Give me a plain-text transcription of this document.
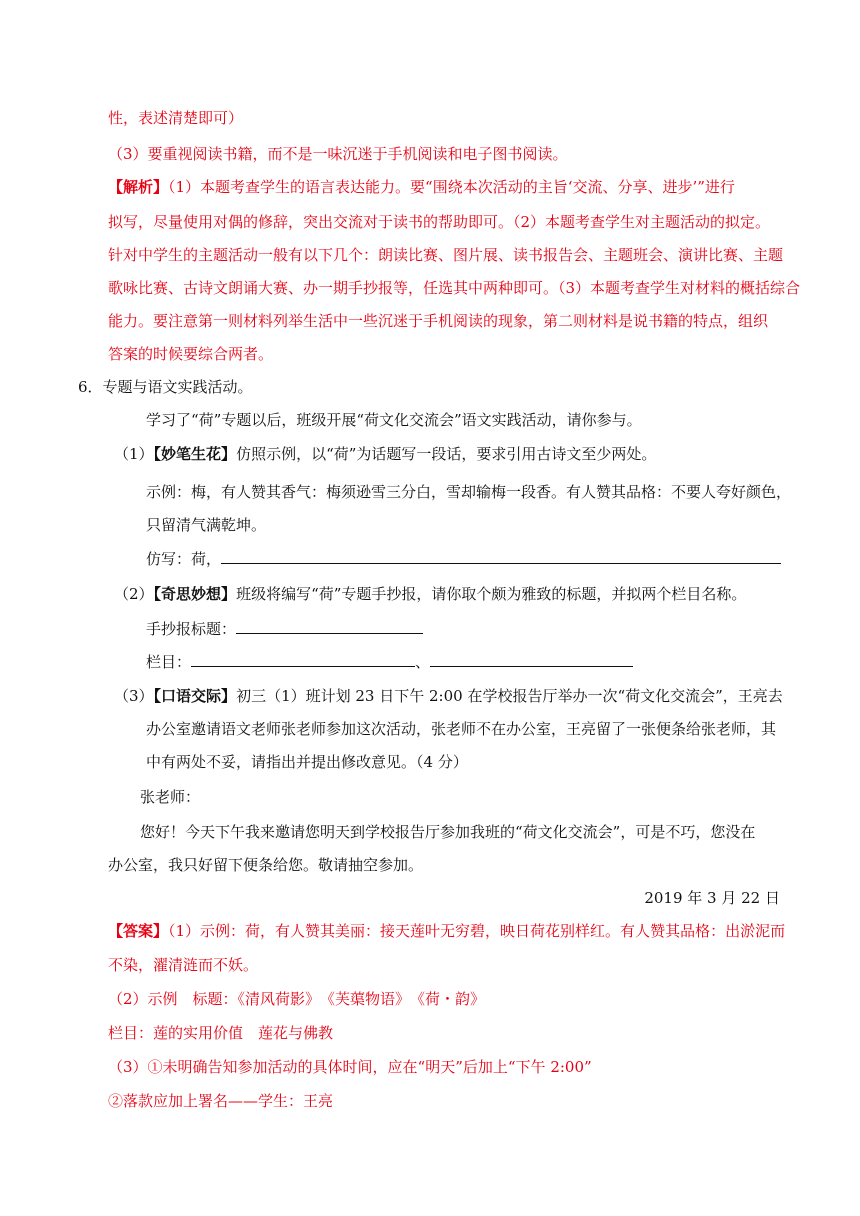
性，表述清楚即可）
（3）要重视阅读书籍，而不是一味沉迷于手机阅读和电子图书阅读。
【解析】（1）本题考查学生的语言表达能力。要“围绕本次活动的主旨‘交流、分享、进步’”进行
拟写，尽量使用对偶的修辞，突出交流对于读书的帮助即可。（2）本题考查学生对主题活动的拟定。
针对中学生的主题活动一般有以下几个：朗读比赛、图片展、读书报告会、主题班会、演讲比赛、主题
歌咏比赛、古诗文朗诵大赛、办一期手抄报等，任选其中两种即可。（3）本题考查学生对材料的概括综合
能力。要注意第一则材料列举生活中一些沉迷于手机阅读的现象，第二则材料是说书籍的特点，组织
答案的时候要综合两者。
6．专题与语文实践活动。
学习了“荷”专题以后，班级开展“荷文化交流会”语文实践活动，请你参与。
（1）【妙笔生花】仿照示例，以“荷”为话题写一段话，要求引用古诗文至少两处。
示例：梅，有人赞其香气：梅须逊雪三分白，雪却输梅一段香。有人赞其品格：不要人夸好颜色，
只留清气满乾坤。
仿写：荷，
（2）【奇思妙想】班级将编写“荷”专题手抄报，请你取个颇为雅致的标题，并拟两个栏目名称。
手抄报标题：
栏目：	、
（3）【口语交际】初三（1）班计划 23 日下午 2:00 在学校报告厅举办一次“荷文化交流会”，王亮去
办公室邀请语文老师张老师参加这次活动，张老师不在办公室，王亮留了一张便条给张老师，其
中有两处不妥，请指出并提出修改意见。（4 分）
张老师：
您好！今天下午我来邀请您明天到学校报告厅参加我班的“荷文化交流会”，可是不巧，您没在
办公室，我只好留下便条给您。敬请抽空参加。
2019 年 3 月 22 日
【答案】（1）示例：荷，有人赞其美丽：接天莲叶无穷碧，映日荷花别样红。有人赞其品格：出淤泥而
不染，濯清涟而不妖。
（2）示例　标题：《清风荷影》　《芙蕖物语》　《荷・韵》
栏目：莲的实用价值　莲花与佛教
（3）①未明确告知参加活动的具体时间，应在“明天”后加上“下午 2:00”
②落款应加上署名——学生：王亮
